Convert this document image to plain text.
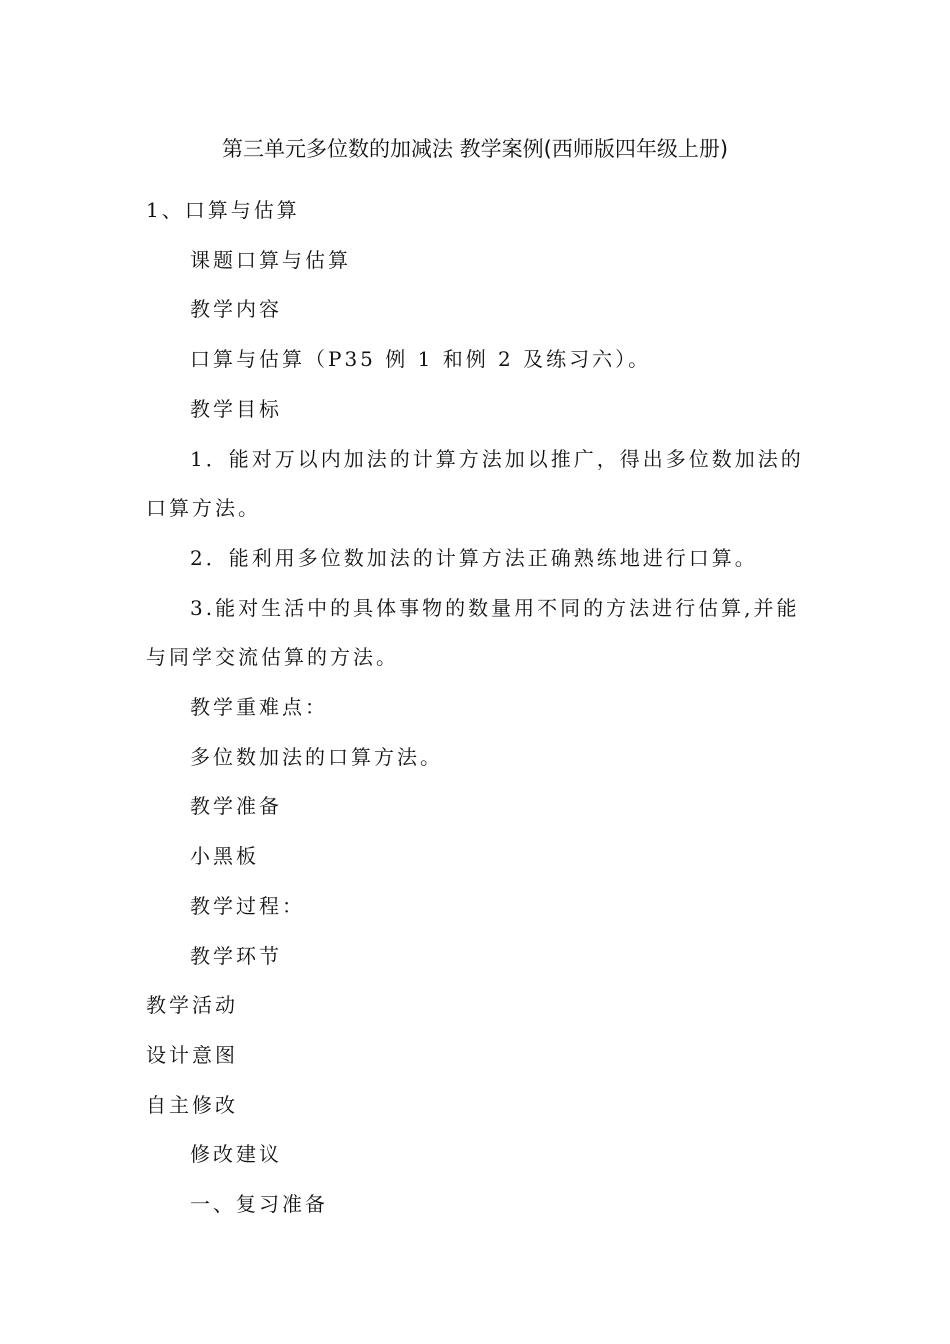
第三单元多位数的加减法 教学案例(西师版四年级上册)

1、口算与估算

课题口算与估算

教学内容

口算与估算（P35 例 1 和例 2 及练习六）。

教学目标

1．能对万以内加法的计算方法加以推广，得出多位数加法的口算方法。

2．能利用多位数加法的计算方法正确熟练地进行口算。

3.能对生活中的具体事物的数量用不同的方法进行估算,并能与同学交流估算的方法。

教学重难点：

多位数加法的口算方法。

教学准备

小黑板

教学过程：

教学环节

教学活动

设计意图

自主修改

修改建议

一、复习准备
